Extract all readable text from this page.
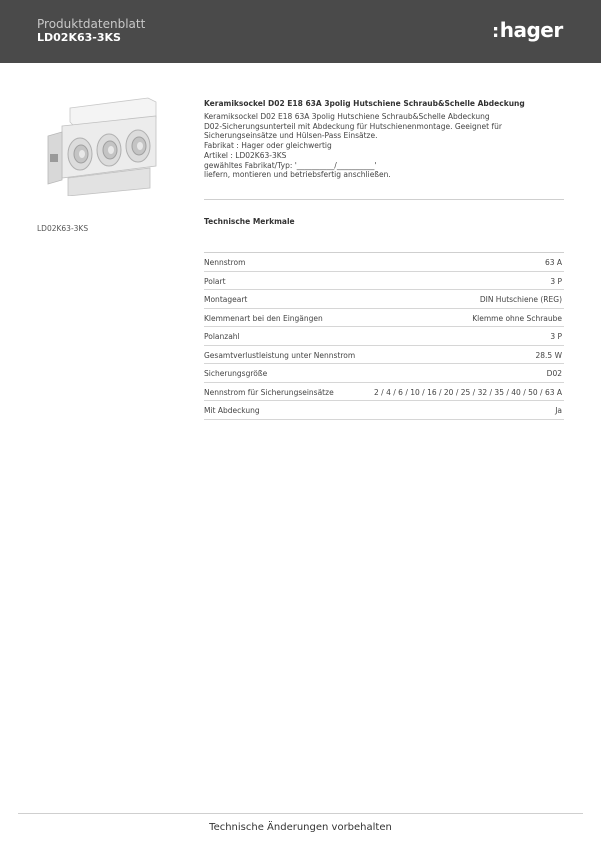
Produktdatenblatt
LD02K63-3KS	:hager
LD02K63-3KS
Keramiksockel D02 E18 63A 3polig Hutschiene Schraub&Schelle Abdeckung
Keramiksockel D02 E18 63A 3polig Hutschiene Schraub&Schelle Abdeckung
D02-Sicherungsunterteil mit Abdeckung für Hutschienenmontage. Geeignet für
Sicherungseinsätze und Hülsen-Pass Einsätze.
Fabrikat : Hager oder gleichwertig
Artikel : LD02K63-3KS
gewähltes Fabrikat/Typ: '__________/__________'
liefern, montieren und betriebsfertig anschließen.
Technische Merkmale
Nennstrom	63 A
Polart	3 P
Montageart	DIN Hutschiene (REG)
Klemmenart bei den Eingängen	Klemme ohne Schraube
Polanzahl	3 P
Gesamtverlustleistung unter Nennstrom	28.5 W
Sicherungsgröße	D02
Nennstrom für Sicherungseinsätze	2 / 4 / 6 / 10 / 16 / 20 / 25 / 32 / 35 / 40 / 50 / 63 A
Mit Abdeckung	Ja
Technische Änderungen vorbehalten
